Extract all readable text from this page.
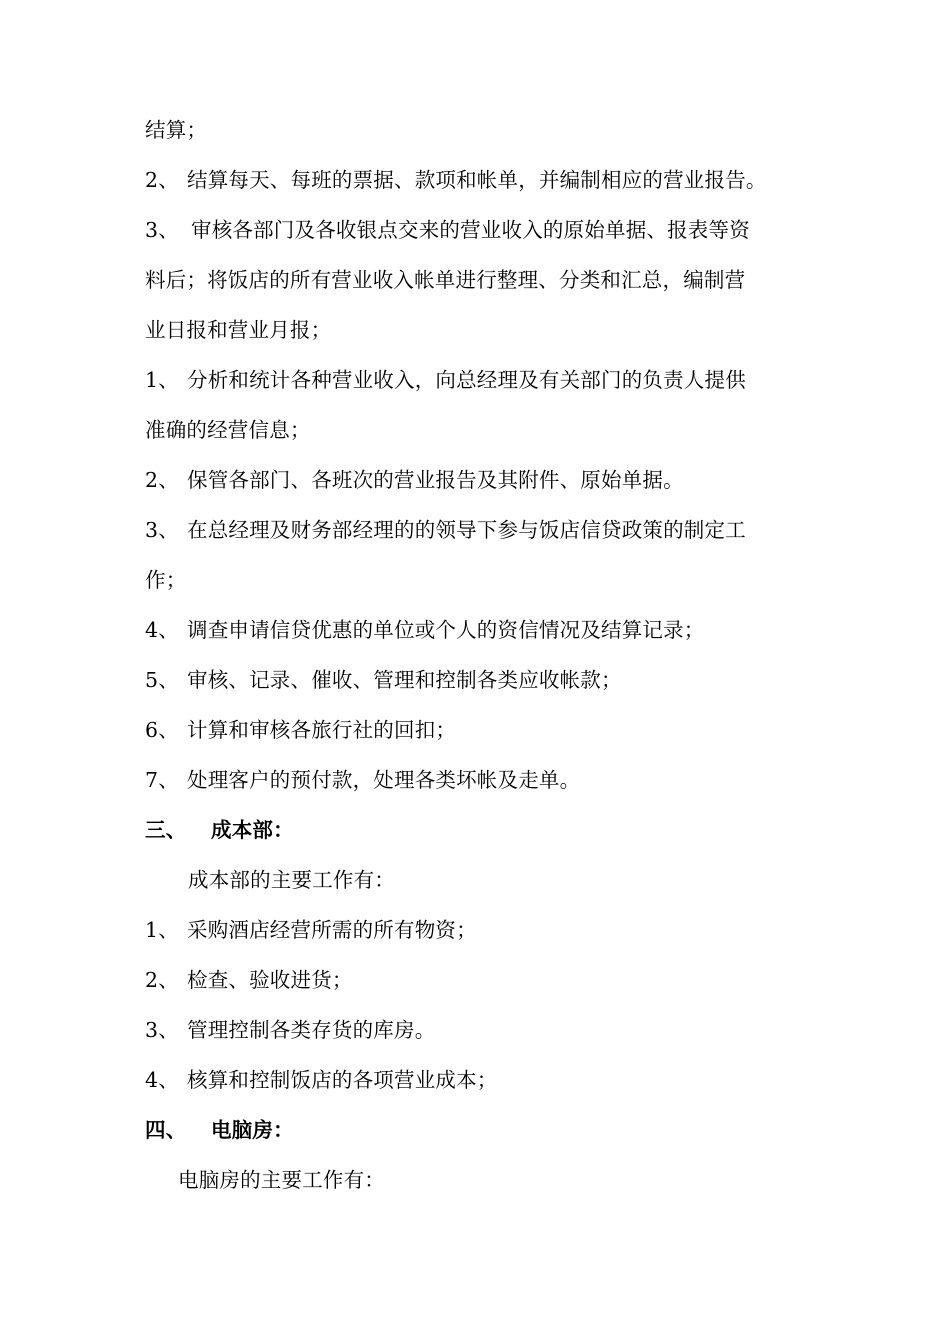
结算；
2、 结算每天、每班的票据、款项和帐单，并编制相应的营业报告。
3、 审核各部门及各收银点交来的营业收入的原始单据、报表等资
料后；将饭店的所有营业收入帐单进行整理、分类和汇总，编制营
业日报和营业月报；
1、 分析和统计各种营业收入，向总经理及有关部门的负责人提供
准确的经营信息；
2、 保管各部门、各班次的营业报告及其附件、原始单据。
3、 在总经理及财务部经理的的领导下参与饭店信贷政策的制定工
作；
4、 调查申请信贷优惠的单位或个人的资信情况及结算记录；
5、 审核、记录、催收、管理和控制各类应收帐款；
6、 计算和审核各旅行社的回扣；
7、 处理客户的预付款，处理各类坏帐及走单。
三、 成本部：
成本部的主要工作有：
1、 采购酒店经营所需的所有物资；
2、 检查、验收进货；
3、 管理控制各类存货的库房。
4、 核算和控制饭店的各项营业成本；
四、 电脑房：
电脑房的主要工作有：
